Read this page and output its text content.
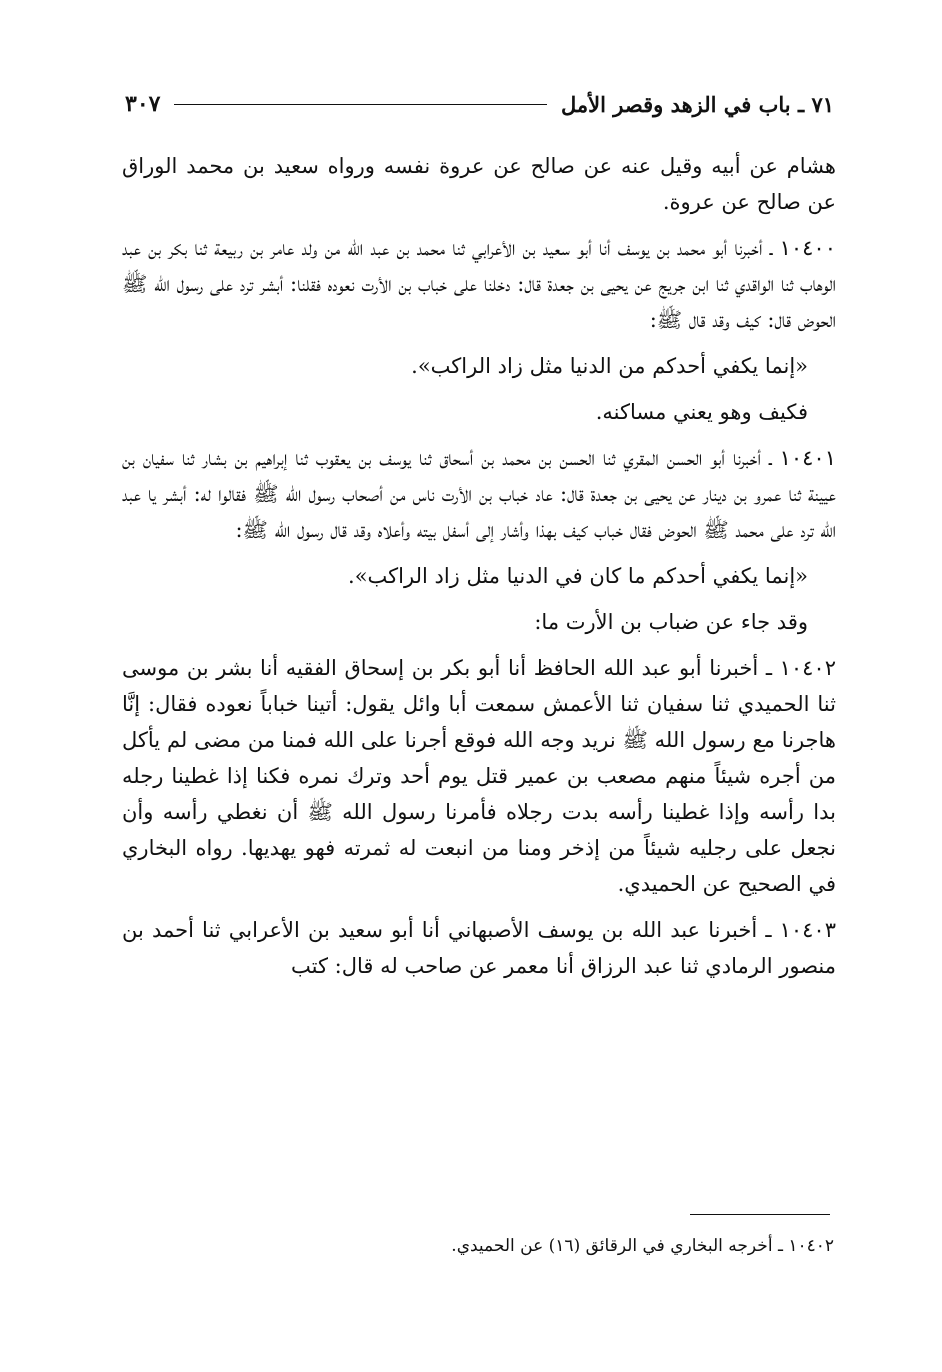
٧١ ـ باب في الزهد وقصر الأمل
٣٠٧

هشام عن أبيه وقيل عنه عن صالح عن عروة نفسه ورواه سعيد بن محمد الوراق عن صالح عن عروة.

١٠٤٠٠ ـ أخبرنا أبو محمد بن يوسف أنا أبو سعيد بن الأعرابي ثنا محمد بن عبد الله من ولد عامر بن ربيعة ثنا بكر بن عبد الوهاب ثنا الواقدي ثنا ابن جريج عن يحيى بن جعدة قال: دخلنا على خباب بن الأرت نعوده فقلنا: أبشر ترد على رسول الله ﷺ الحوض قال: كيف وقد قال ﷺ:

«إنما يكفي أحدكم من الدنيا مثل زاد الراكب».

فكيف وهو يعني مساكنه.

١٠٤٠١ ـ أخبرنا أبو الحسن المقري ثنا الحسن بن محمد بن أسحاق ثنا يوسف بن يعقوب ثنا إبراهيم بن بشار ثنا سفيان بن عيينة ثنا عمرو بن دينار عن يحيى بن جعدة قال: عاد خباب بن الأرت ناس من أصحاب رسول الله ﷺ فقالوا له: أبشر يا عبد الله ترد على محمد ﷺ الحوض فقال خباب كيف بهذا وأشار إلى أسفل بيته وأعلاه وقد قال رسول الله ﷺ:

«إنما يكفي أحدكم ما كان في الدنيا مثل زاد الراكب».

وقد جاء عن ضباب بن الأرت ما:

١٠٤٠٢ ـ أخبرنا أبو عبد الله الحافظ أنا أبو بكر بن إسحاق الفقيه أنا بشر بن موسى ثنا الحميدي ثنا سفيان ثنا الأعمش سمعت أبا وائل يقول: أتينا خباباً نعوده فقال: إنَّا هاجرنا مع رسول الله ﷺ نريد وجه الله فوقع أجرنا على الله فمنا من مضى لم يأكل من أجره شيئاً منهم مصعب بن عمير قتل يوم أحد وترك نمره فكنا إذا غطينا رجله بدا رأسه وإذا غطينا رأسه بدت رجلاه فأمرنا رسول الله ﷺ أن نغطي رأسه وأن نجعل على رجليه شيئاً من إذخر ومنا من انبعت له ثمرته فهو يهديها. رواه البخاري في الصحيح عن الحميدي.

١٠٤٠٣ ـ أخبرنا عبد الله بن يوسف الأصبهاني أنا أبو سعيد بن الأعرابي ثنا أحمد بن منصور الرمادي ثنا عبد الرزاق أنا معمر عن صاحب له قال: كتب

١٠٤٠٢ ـ أخرجه البخاري في الرقائق (١٦) عن الحميدي.
